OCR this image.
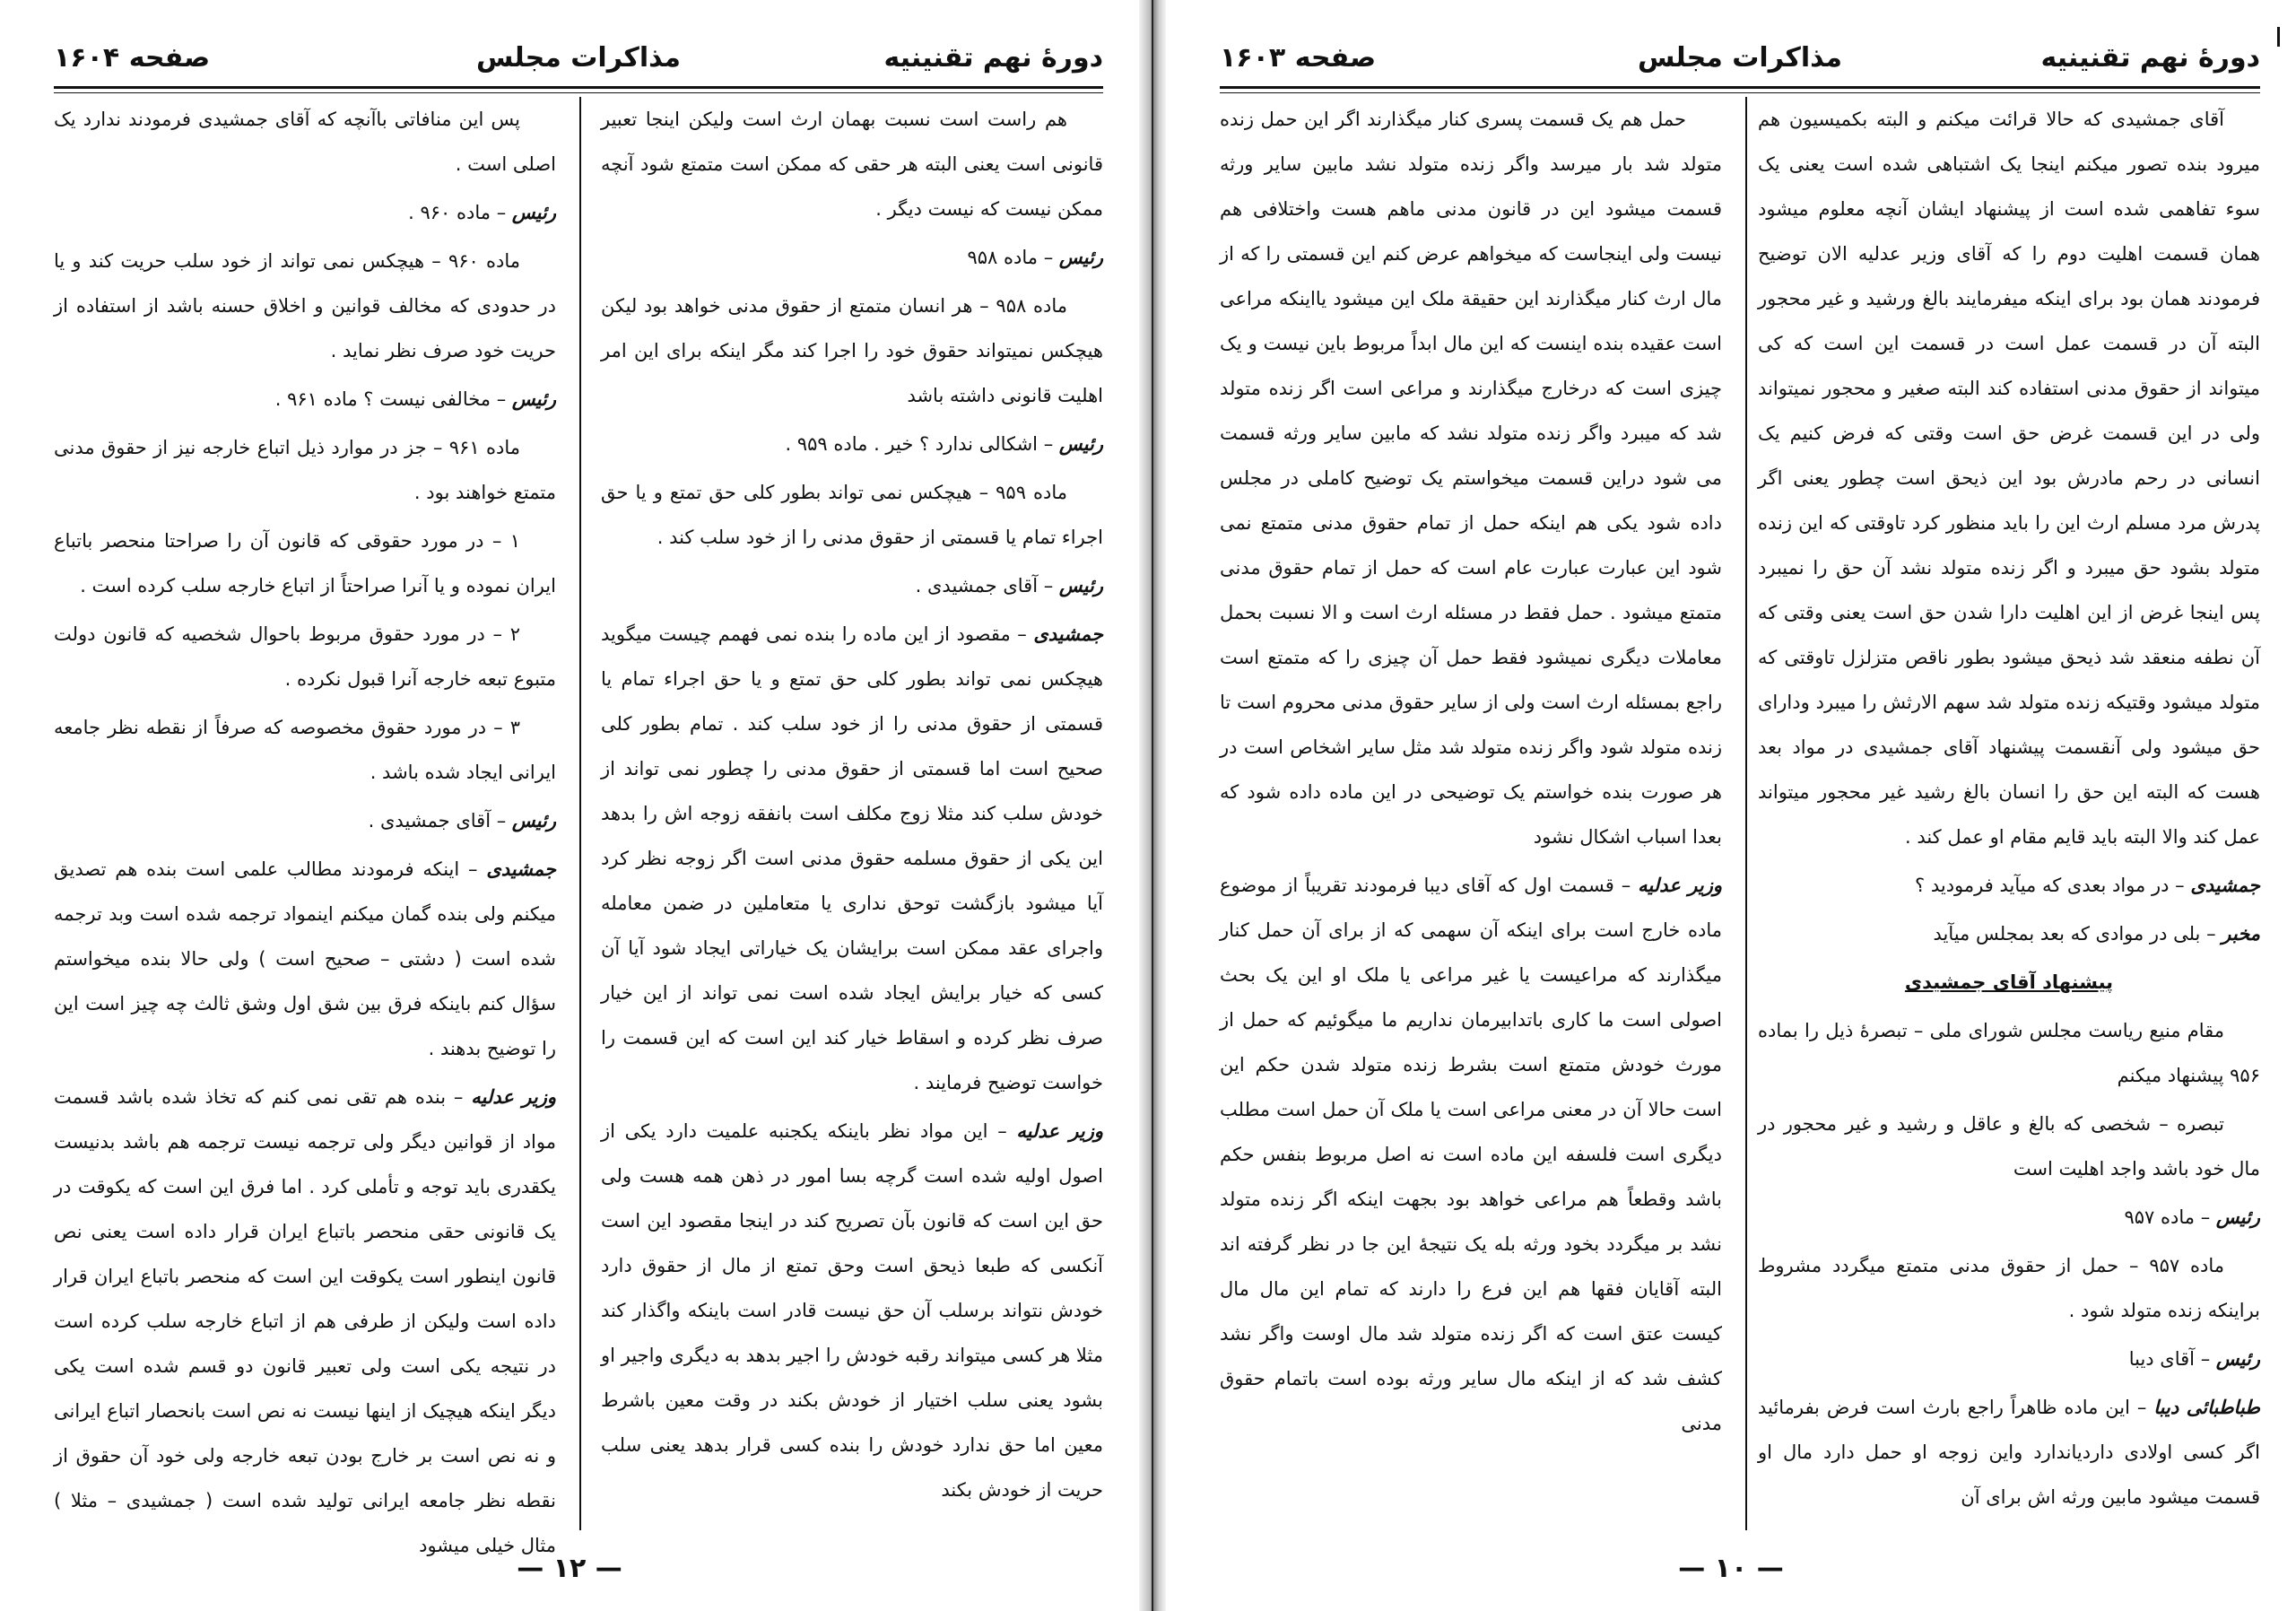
دورهٔ نهم تقنینیه
مذاکرات مجلس
صفحه ۱۶۰۴

هم راست است نسبت بهمان ارث است ولیکن اینجا تعبیر قانونی است یعنی البته هر حقی که ممکن است متمتع شود آنچه ممکن نیست که نیست دیگر .

رئیس – ماده ۹۵۸

ماده ۹۵۸ – هر انسان متمتع از حقوق مدنی خواهد بود لیکن هیچکس نمیتواند حقوق خود را اجرا کند مگر اینکه برای این امر اهلیت قانونی داشته باشد

رئیس – اشکالی ندارد ؟ خیر . ماده ۹۵۹ .

ماده ۹۵۹ – هیچکس نمی تواند بطور کلی حق تمتع و یا حق اجراء تمام یا قسمتی از حقوق مدنی را از خود سلب کند .

رئیس – آقای جمشیدی .

جمشیدی – مقصود از این ماده را بنده نمی فهمم چیست میگوید هیچکس نمی تواند بطور کلی حق تمتع و یا حق اجراء تمام یا قسمتی از حقوق مدنی را از خود سلب کند . تمام بطور کلی صحیح است اما قسمتی از حقوق مدنی را چطور نمی تواند از خودش سلب کند مثلا زوج مکلف است بانفقه زوجه اش را بدهد این یکی از حقوق مسلمه حقوق مدنی است اگر زوجه نظر کرد آیا میشود بازگشت توحق نداری یا متعاملین در ضمن معامله واجرای عقد ممکن است برایشان یک خیاراتی ایجاد شود آیا آن کسی که خیار برایش ایجاد شده است نمی تواند از این خیار صرف نظر کرده و اسقاط خیار کند این است که این قسمت را خواست توضیح فرمایند .

وزیر عدلیه – این مواد نظر باینکه یکجنبه علمیت دارد یکی از اصول اولیه شده است گرچه بسا امور در ذهن همه هست ولی حق این است که قانون بآن تصریح کند در اینجا مقصود این است آنکسی که طبعا ذیحق است وحق تمتع از مال از حقوق دارد خودش نتواند برسلب آن حق نیست قادر است باینکه واگذار کند مثلا هر کسی میتواند رقبه خودش را اجیر بدهد به دیگری واجیر او بشود یعنی سلب اختیار از خودش بکند در وقت معین باشرط معین اما حق ندارد خودش را بنده کسی قرار بدهد یعنی سلب حریت از خودش بکند

پس این منافاتی باآنچه که آقای جمشیدی فرمودند ندارد یک اصلی است .

رئیس – ماده ۹۶۰ .

ماده ۹۶۰ – هیچکس نمی تواند از خود سلب حریت کند و یا در حدودی که مخالف قوانین و اخلاق حسنه باشد از استفاده از حریت خود صرف نظر نماید .

رئیس – مخالفی نیست ؟ ماده ۹۶۱ .

ماده ۹۶۱ – جز در موارد ذیل اتباع خارجه نیز از حقوق مدنی متمتع خواهند بود .

۱ – در مورد حقوقی که قانون آن را صراحتا منحصر باتباع ایران نموده و یا آنرا صراحتاً از اتباع خارجه سلب کرده است .

۲ – در مورد حقوق مربوط باحوال شخصیه که قانون دولت متبوع تبعه خارجه آنرا قبول نکرده .

۳ – در مورد حقوق مخصوصه که صرفاً از نقطه نظر جامعه ایرانی ایجاد شده باشد .

رئیس – آقای جمشیدی .

جمشیدی – اینکه فرمودند مطالب علمی است بنده هم تصدیق میکنم ولی بنده گمان میکنم اینمواد ترجمه شده است وبد ترجمه شده است ( دشتی – صحیح است ) ولی حالا بنده میخواستم سؤال کنم باینکه فرق بین شق اول وشق ثالث چه چیز است این را توضیح بدهند .

وزیر عدلیه – بنده هم تقی نمی کنم که تخاذ شده باشد قسمت مواد از قوانین دیگر ولی ترجمه نیست ترجمه هم باشد بدنیست یکقدری باید توجه و تأملی کرد . اما فرق این است که یکوقت در یک قانونی حقی منحصر باتباع ایران قرار داده است یعنی نص قانون اینطور است یکوقت این است که منحصر باتباع ایران قرار داده است ولیکن از طرفی هم از اتباع خارجه سلب کرده است در نتیجه یکی است ولی تعبیر قانون دو قسم شده است یکی دیگر اینکه هیچیک از اینها نیست نه نص است بانحصار اتباع ایرانی و نه نص است بر خارج بودن تبعه خارجه ولی خود آن حقوق از نقطه نظر جامعه ایرانی تولید شده است ( جمشیدی – مثلا ) مثال خیلی میشود

— ۱۲ —
دورهٔ نهم تقنینیه
مذاکرات مجلس
صفحه ۱۶۰۳

آقای جمشیدی که حالا قرائت میکنم و البته بکمیسیون هم میرود بنده تصور میکنم اینجا یک اشتباهی شده است یعنی یک سوء تفاهمی شده است از پیشنهاد ایشان آنچه معلوم میشود همان قسمت اهلیت دوم را که آقای وزیر عدلیه الان توضیح فرمودند همان بود برای اینکه میفرمایند بالغ ورشید و غیر محجور البته آن در قسمت عمل است در قسمت این است که کی میتواند از حقوق مدنی استفاده کند البته صغیر و محجور نمیتواند ولی در این قسمت غرض حق است وقتی که فرض کنیم یک انسانی در رحم مادرش بود این ذیحق است چطور یعنی اگر پدرش مرد مسلم ارث این را باید منظور کرد تاوقتی که این زنده متولد بشود حق میبرد و اگر زنده متولد نشد آن حق را نمیبرد پس اینجا غرض از این اهلیت دارا شدن حق است یعنی وقتی که آن نطفه منعقد شد ذیحق میشود بطور ناقص متزلزل تاوقتی که متولد میشود وقتیکه زنده متولد شد سهم الارثش را میبرد ودارای حق میشود ولی آنقسمت پیشنهاد آقای جمشیدی در مواد بعد هست که البته این حق را انسان بالغ رشید غیر محجور میتواند عمل کند والا البته باید قایم مقام او عمل کند .

جمشیدی – در مواد بعدی که میآید فرمودید ؟

مخبر – بلی در موادی که بعد بمجلس میآید

پیشنهاد آقای جمشیدی

مقام منیع ریاست مجلس شورای ملی – تبصرهٔ ذیل را بماده ۹۵۶ پیشنهاد میکنم

تبصره – شخصی که بالغ و عاقل و رشید و غیر محجور در مال خود باشد واجد اهلیت است

رئیس – ماده ۹۵۷

ماده ۹۵۷ – حمل از حقوق مدنی متمتع میگردد مشروط براینکه زنده متولد شود .

رئیس – آقای دیبا

طباطبائی دیبا – این ماده ظاهراً راجع بارث است فرض بفرمائید اگر کسی اولادی داردیاندارد واین زوجه او حمل دارد مال او قسمت میشود مابین ورثه اش برای آن

حمل هم یک قسمت پسری کنار میگذارند اگر این حمل زنده متولد شد بار میرسد واگر زنده متولد نشد مابین سایر ورثه قسمت میشود این در قانون مدنی ماهم هست واختلافی هم نیست ولی اینجاست که میخواهم عرض کنم این قسمتی را که از مال ارث کنار میگذارند این حقیقة ملک این میشود یااینکه مراعی است عقیده بنده اینست که این مال ابداً مربوط باین نیست و یک چیزی است که درخارج میگذارند و مراعی است اگر زنده متولد شد که میبرد واگر زنده متولد نشد که مابین سایر ورثه قسمت می شود دراین قسمت میخواستم یک توضیح کاملی در مجلس داده شود یکی هم اینکه حمل از تمام حقوق مدنی متمتع نمی شود این عبارت عبارت عام است که حمل از تمام حقوق مدنی متمتع میشود . حمل فقط در مسئله ارث است و الا نسبت بحمل معاملات دیگری نمیشود فقط حمل آن چیزی را که متمتع است راجع بمسئله ارث است ولی از سایر حقوق مدنی محروم است تا زنده متولد شود واگر زنده متولد شد مثل سایر اشخاص است در هر صورت بنده خواستم یک توضیحی در این ماده داده شود که بعدا اسباب اشکال نشود

وزیر عدلیه – قسمت اول که آقای دیبا فرمودند تقریباً از موضوع ماده خارج است برای اینکه آن سهمی که از برای آن حمل کنار میگذارند که مراعیست یا غیر مراعی یا ملک او این یک بحث اصولی است ما کاری باتدابیرمان نداریم ما میگوئیم که حمل از مورث خودش متمتع است بشرط زنده متولد شدن حکم این است حالا آن در معنی مراعی است یا ملک آن حمل است مطلب دیگری است فلسفه این ماده است نه اصل مربوط بنفس حکم باشد وقطعاً هم مراعی خواهد بود بجهت اینکه اگر زنده متولد نشد بر میگردد بخود ورثه بله یک نتیجهٔ این جا در نظر گرفته اند البته آقایان فقها هم این فرع را دارند که تمام این مال مال کیست عتق است که اگر زنده متولد شد مال اوست واگر نشد کشف شد که از اینکه مال سایر ورثه بوده است باتمام حقوق مدنی

— ۱۰ —
